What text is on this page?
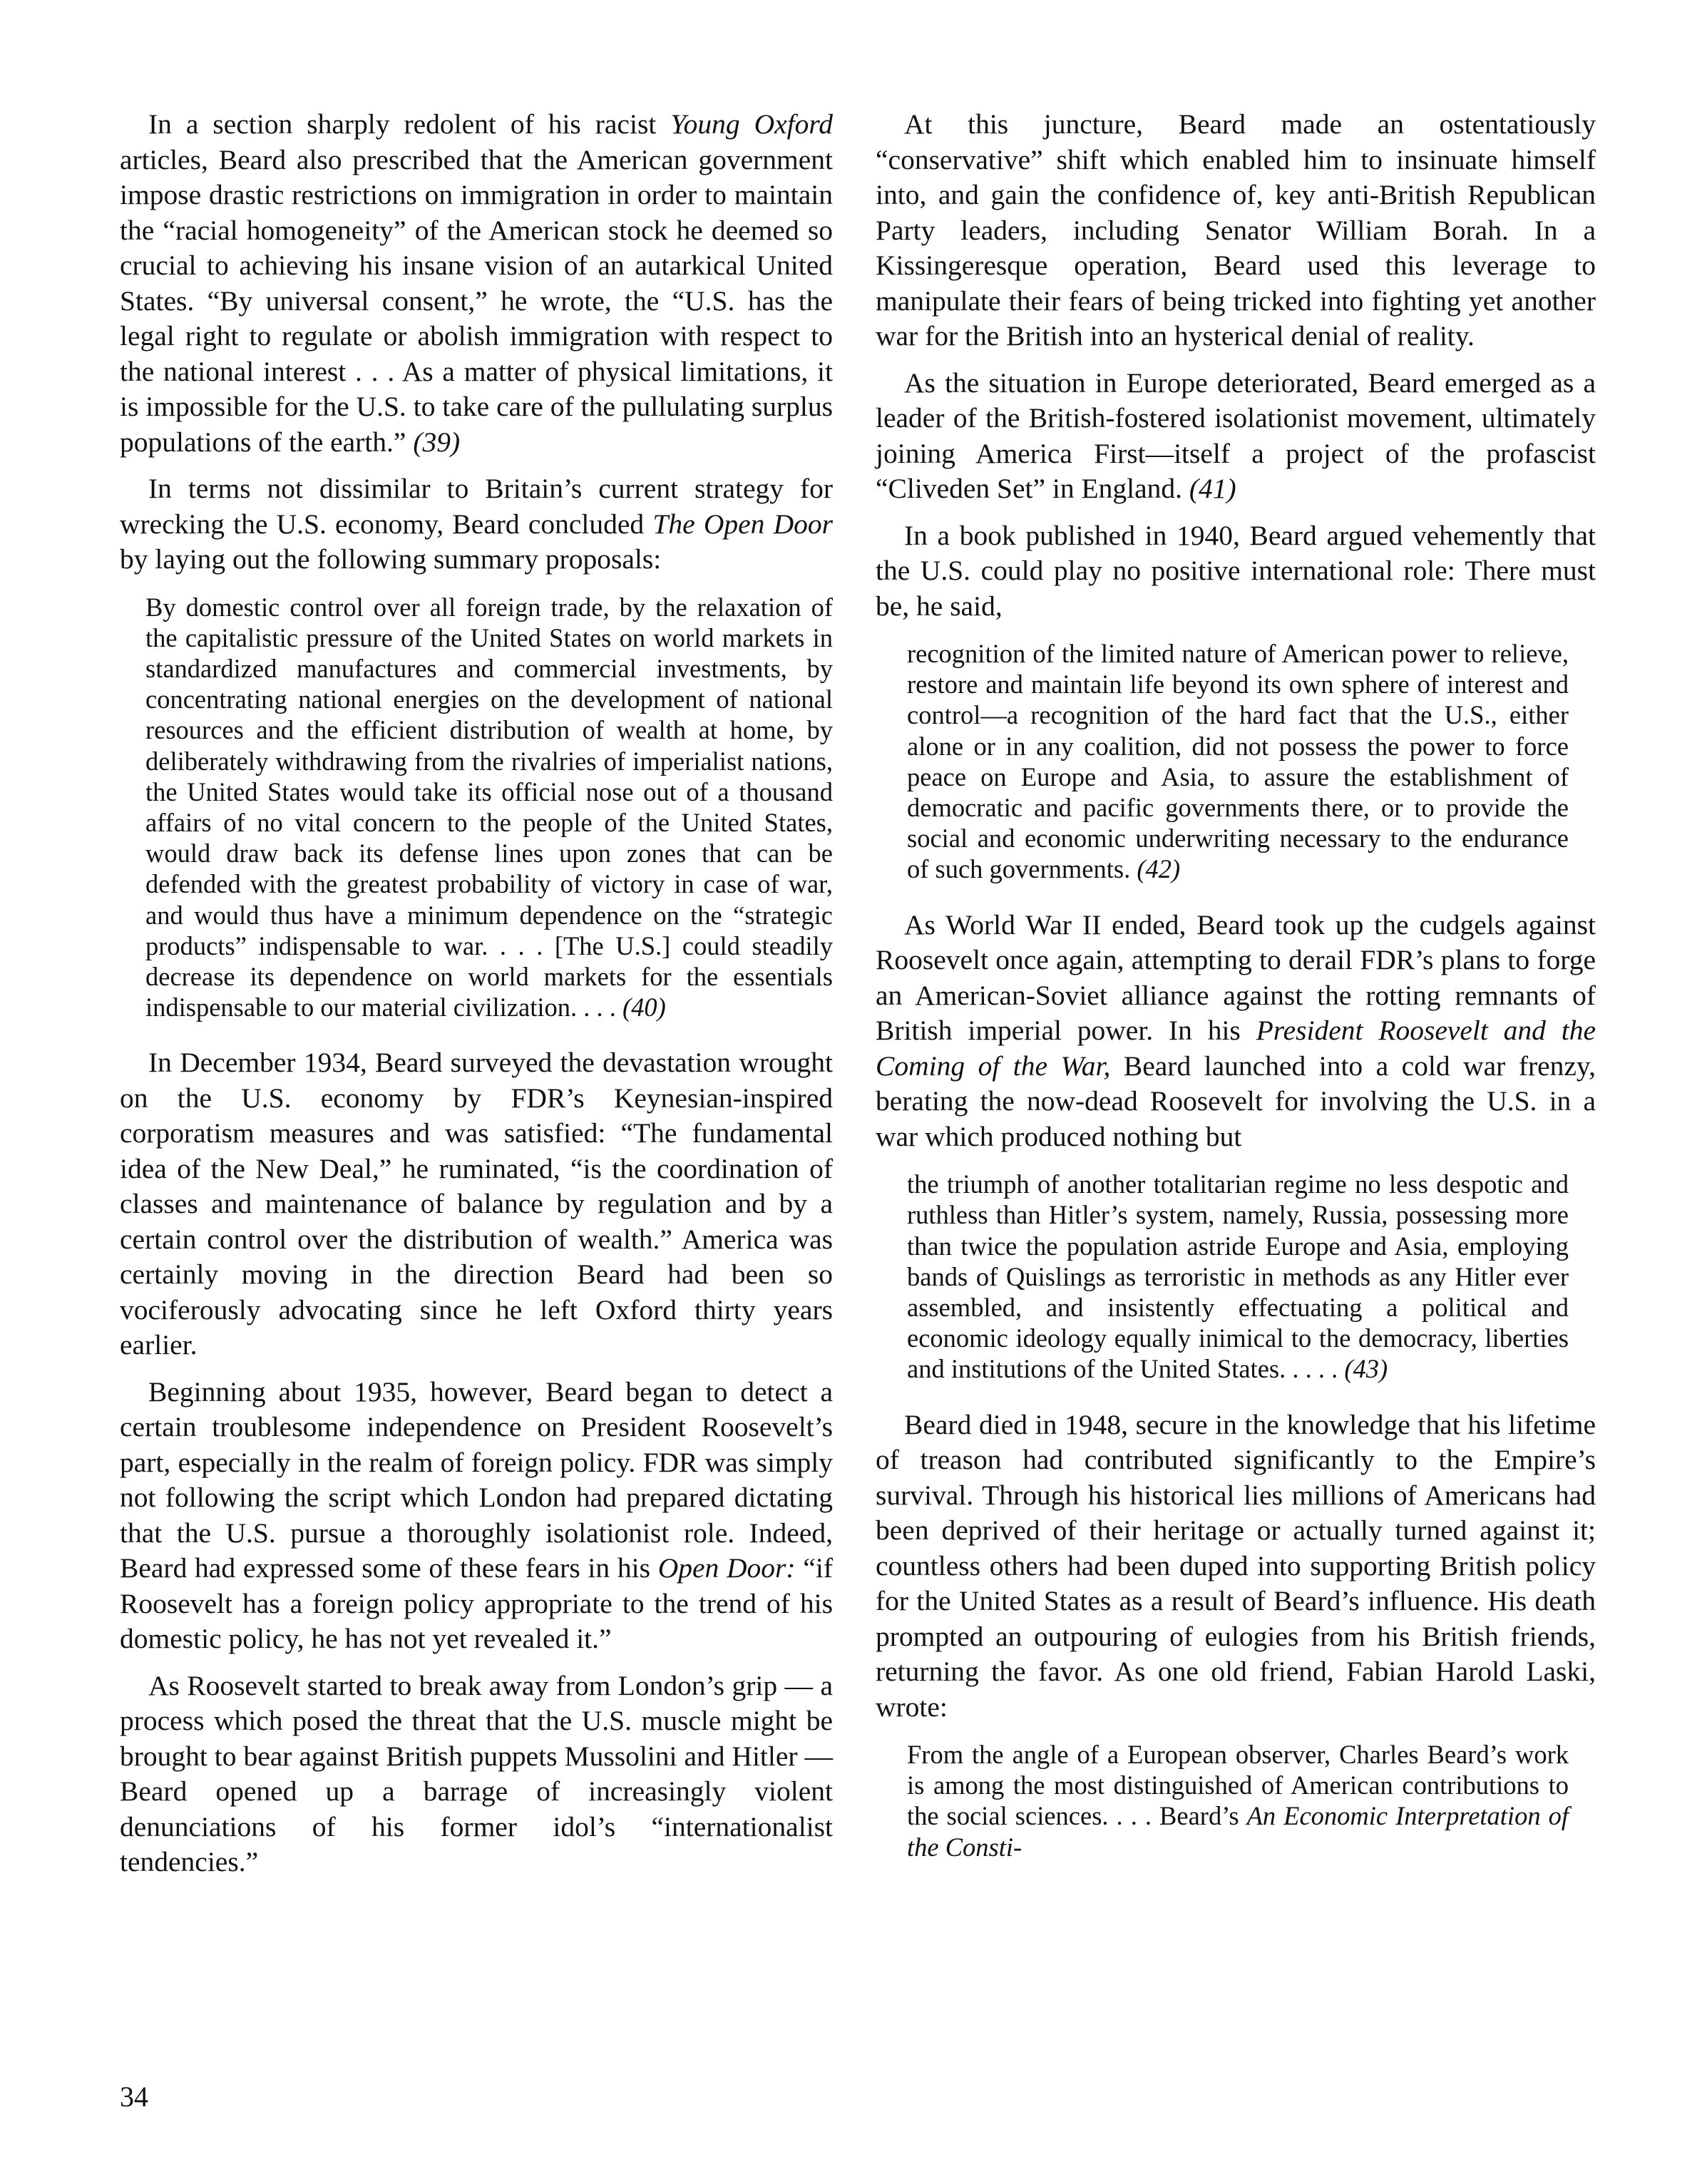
In a section sharply redolent of his racist Young Oxford articles, Beard also prescribed that the American government impose drastic restrictions on immigration in order to maintain the “racial homogeneity” of the American stock he deemed so crucial to achieving his insane vision of an autarkical United States. “By universal consent,” he wrote, the “U.S. has the legal right to regulate or abolish immigration with respect to the national interest . . . As a matter of physical limitations, it is impossible for the U.S. to take care of the pullulating surplus populations of the earth.” (39)

In terms not dissimilar to Britain’s current strategy for wrecking the U.S. economy, Beard concluded The Open Door by laying out the following summary proposals:

By domestic control over all foreign trade, by the relaxation of the capitalistic pressure of the United States on world markets in standardized manufactures and commercial investments, by concentrating national energies on the development of national resources and the efficient distribution of wealth at home, by deliberately withdrawing from the rivalries of imperialist nations, the United States would take its official nose out of a thousand affairs of no vital concern to the people of the United States, would draw back its defense lines upon zones that can be defended with the greatest probability of victory in case of war, and would thus have a minimum dependence on the “strategic products” indispensable to war. . . . [The U.S.] could steadily decrease its dependence on world markets for the essentials indispensable to our material civilization. . . . (40)

In December 1934, Beard surveyed the devastation wrought on the U.S. economy by FDR’s Keynesian-inspired corporatism measures and was satisfied: “The fundamental idea of the New Deal,” he ruminated, “is the coordination of classes and maintenance of balance by regulation and by a certain control over the distribution of wealth.” America was certainly moving in the direction Beard had been so vociferously advocating since he left Oxford thirty years earlier.

Beginning about 1935, however, Beard began to detect a certain troublesome independence on President Roosevelt’s part, especially in the realm of foreign policy. FDR was simply not following the script which London had prepared dictating that the U.S. pursue a thoroughly isolationist role. Indeed, Beard had expressed some of these fears in his Open Door: “if Roosevelt has a foreign policy appropriate to the trend of his domestic policy, he has not yet revealed it.”

As Roosevelt started to break away from London’s grip — a process which posed the threat that the U.S. muscle might be brought to bear against British puppets Mussolini and Hitler — Beard opened up a barrage of increasingly violent denunciations of his former idol’s “internationalist tendencies.”

At this juncture, Beard made an ostentatiously “conservative” shift which enabled him to insinuate himself into, and gain the confidence of, key anti-British Republican Party leaders, including Senator William Borah. In a Kissingeresque operation, Beard used this leverage to manipulate their fears of being tricked into fighting yet another war for the British into an hysterical denial of reality.

As the situation in Europe deteriorated, Beard emerged as a leader of the British-fostered isolationist movement, ultimately joining America First—itself a project of the profascist “Cliveden Set” in England. (41)

In a book published in 1940, Beard argued vehemently that the U.S. could play no positive international role: There must be, he said,

recognition of the limited nature of American power to relieve, restore and maintain life beyond its own sphere of interest and control—a recognition of the hard fact that the U.S., either alone or in any coalition, did not possess the power to force peace on Europe and Asia, to assure the establishment of democratic and pacific governments there, or to provide the social and economic underwriting necessary to the endurance of such governments. (42)

As World War II ended, Beard took up the cudgels against Roosevelt once again, attempting to derail FDR’s plans to forge an American-Soviet alliance against the rotting remnants of British imperial power. In his President Roosevelt and the Coming of the War, Beard launched into a cold war frenzy, berating the now-dead Roosevelt for involving the U.S. in a war which produced nothing but

the triumph of another totalitarian regime no less despotic and ruthless than Hitler’s system, namely, Russia, possessing more than twice the population astride Europe and Asia, employing bands of Quislings as terroristic in methods as any Hitler ever assembled, and insistently effectuating a political and economic ideology equally inimical to the democracy, liberties and institutions of the United States. . . . . (43)

Beard died in 1948, secure in the knowledge that his lifetime of treason had contributed significantly to the Empire’s survival. Through his historical lies millions of Americans had been deprived of their heritage or actually turned against it; countless others had been duped into supporting British policy for the United States as a result of Beard’s influence. His death prompted an outpouring of eulogies from his British friends, returning the favor. As one old friend, Fabian Harold Laski, wrote:

From the angle of a European observer, Charles Beard’s work is among the most distinguished of American contributions to the social sciences. . . . Beard’s An Economic Interpretation of the Consti-

34
